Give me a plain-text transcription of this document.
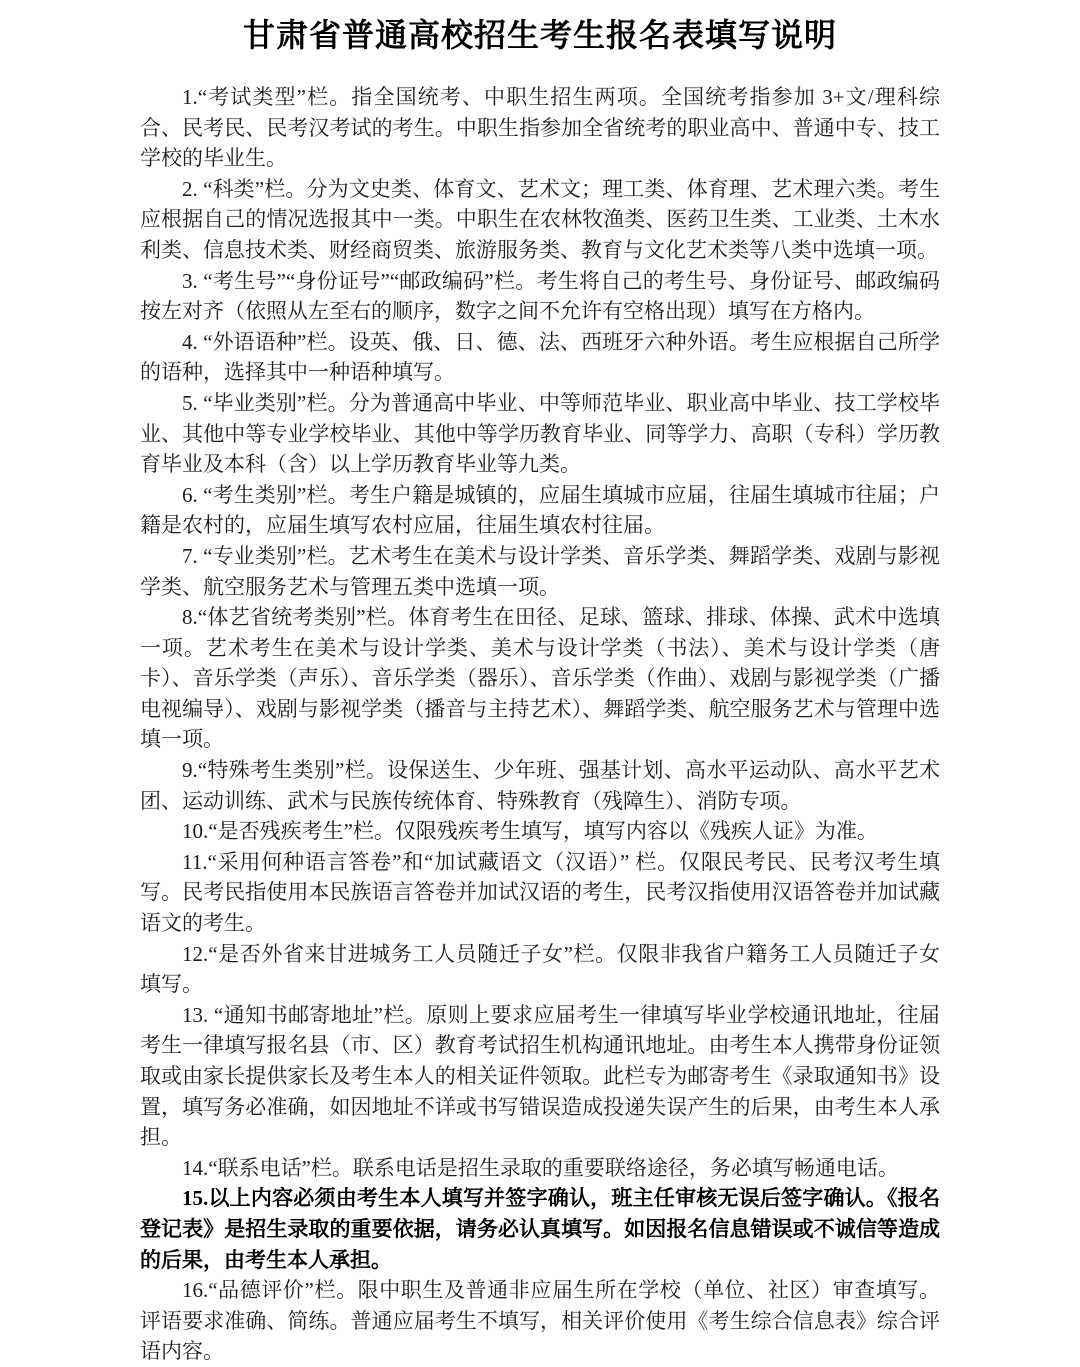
甘肃省普通高校招生考生报名表填写说明

1.“考试类型”栏。指全国统考、中职生招生两项。全国统考指参加 3+文/理科综合、民考民、民考汉考试的考生。中职生指参加全省统考的职业高中、普通中专、技工学校的毕业生。

2. “科类”栏。分为文史类、体育文、艺术文；理工类、体育理、艺术理六类。考生应根据自己的情况选报其中一类。中职生在农林牧渔类、医药卫生类、工业类、土木水利类、信息技术类、财经商贸类、旅游服务类、教育与文化艺术类等八类中选填一项。

3. “考生号”“身份证号”“邮政编码”栏。考生将自己的考生号、身份证号、邮政编码按左对齐（依照从左至右的顺序，数字之间不允许有空格出现）填写在方格内。

4. “外语语种”栏。设英、俄、日、德、法、西班牙六种外语。考生应根据自己所学的语种，选择其中一种语种填写。

5. “毕业类别”栏。分为普通高中毕业、中等师范毕业、职业高中毕业、技工学校毕业、其他中等专业学校毕业、其他中等学历教育毕业、同等学力、高职（专科）学历教育毕业及本科（含）以上学历教育毕业等九类。

6. “考生类别”栏。考生户籍是城镇的，应届生填城市应届，往届生填城市往届；户籍是农村的，应届生填写农村应届，往届生填农村往届。

7. “专业类别”栏。艺术考生在美术与设计学类、音乐学类、舞蹈学类、戏剧与影视学类、航空服务艺术与管理五类中选填一项。

8.“体艺省统考类别”栏。体育考生在田径、足球、篮球、排球、体操、武术中选填一项。艺术考生在美术与设计学类、美术与设计学类（书法）、美术与设计学类（唐卡）、音乐学类（声乐）、音乐学类（器乐）、音乐学类（作曲）、戏剧与影视学类（广播电视编导）、戏剧与影视学类（播音与主持艺术）、舞蹈学类、航空服务艺术与管理中选填一项。

9.“特殊考生类别”栏。设保送生、少年班、强基计划、高水平运动队、高水平艺术团、运动训练、武术与民族传统体育、特殊教育（残障生）、消防专项。

10.“是否残疾考生”栏。仅限残疾考生填写，填写内容以《残疾人证》为准。

11.“采用何种语言答卷”和“加试藏语文（汉语）” 栏。仅限民考民、民考汉考生填写。民考民指使用本民族语言答卷并加试汉语的考生，民考汉指使用汉语答卷并加试藏语文的考生。

12.“是否外省来甘进城务工人员随迁子女”栏。仅限非我省户籍务工人员随迁子女填写。

13. “通知书邮寄地址”栏。原则上要求应届考生一律填写毕业学校通讯地址，往届考生一律填写报名县（市、区）教育考试招生机构通讯地址。由考生本人携带身份证领取或由家长提供家长及考生本人的相关证件领取。此栏专为邮寄考生《录取通知书》设置，填写务必准确，如因地址不详或书写错误造成投递失误产生的后果，由考生本人承担。

14.“联系电话”栏。联系电话是招生录取的重要联络途径，务必填写畅通电话。

15.以上内容必须由考生本人填写并签字确认，班主任审核无误后签字确认。《报名登记表》是招生录取的重要依据，请务必认真填写。如因报名信息错误或不诚信等造成的后果，由考生本人承担。

16.“品德评价”栏。限中职生及普通非应届生所在学校（单位、社区）审查填写。评语要求准确、简练。普通应届考生不填写，相关评价使用《考生综合信息表》综合评语内容。
